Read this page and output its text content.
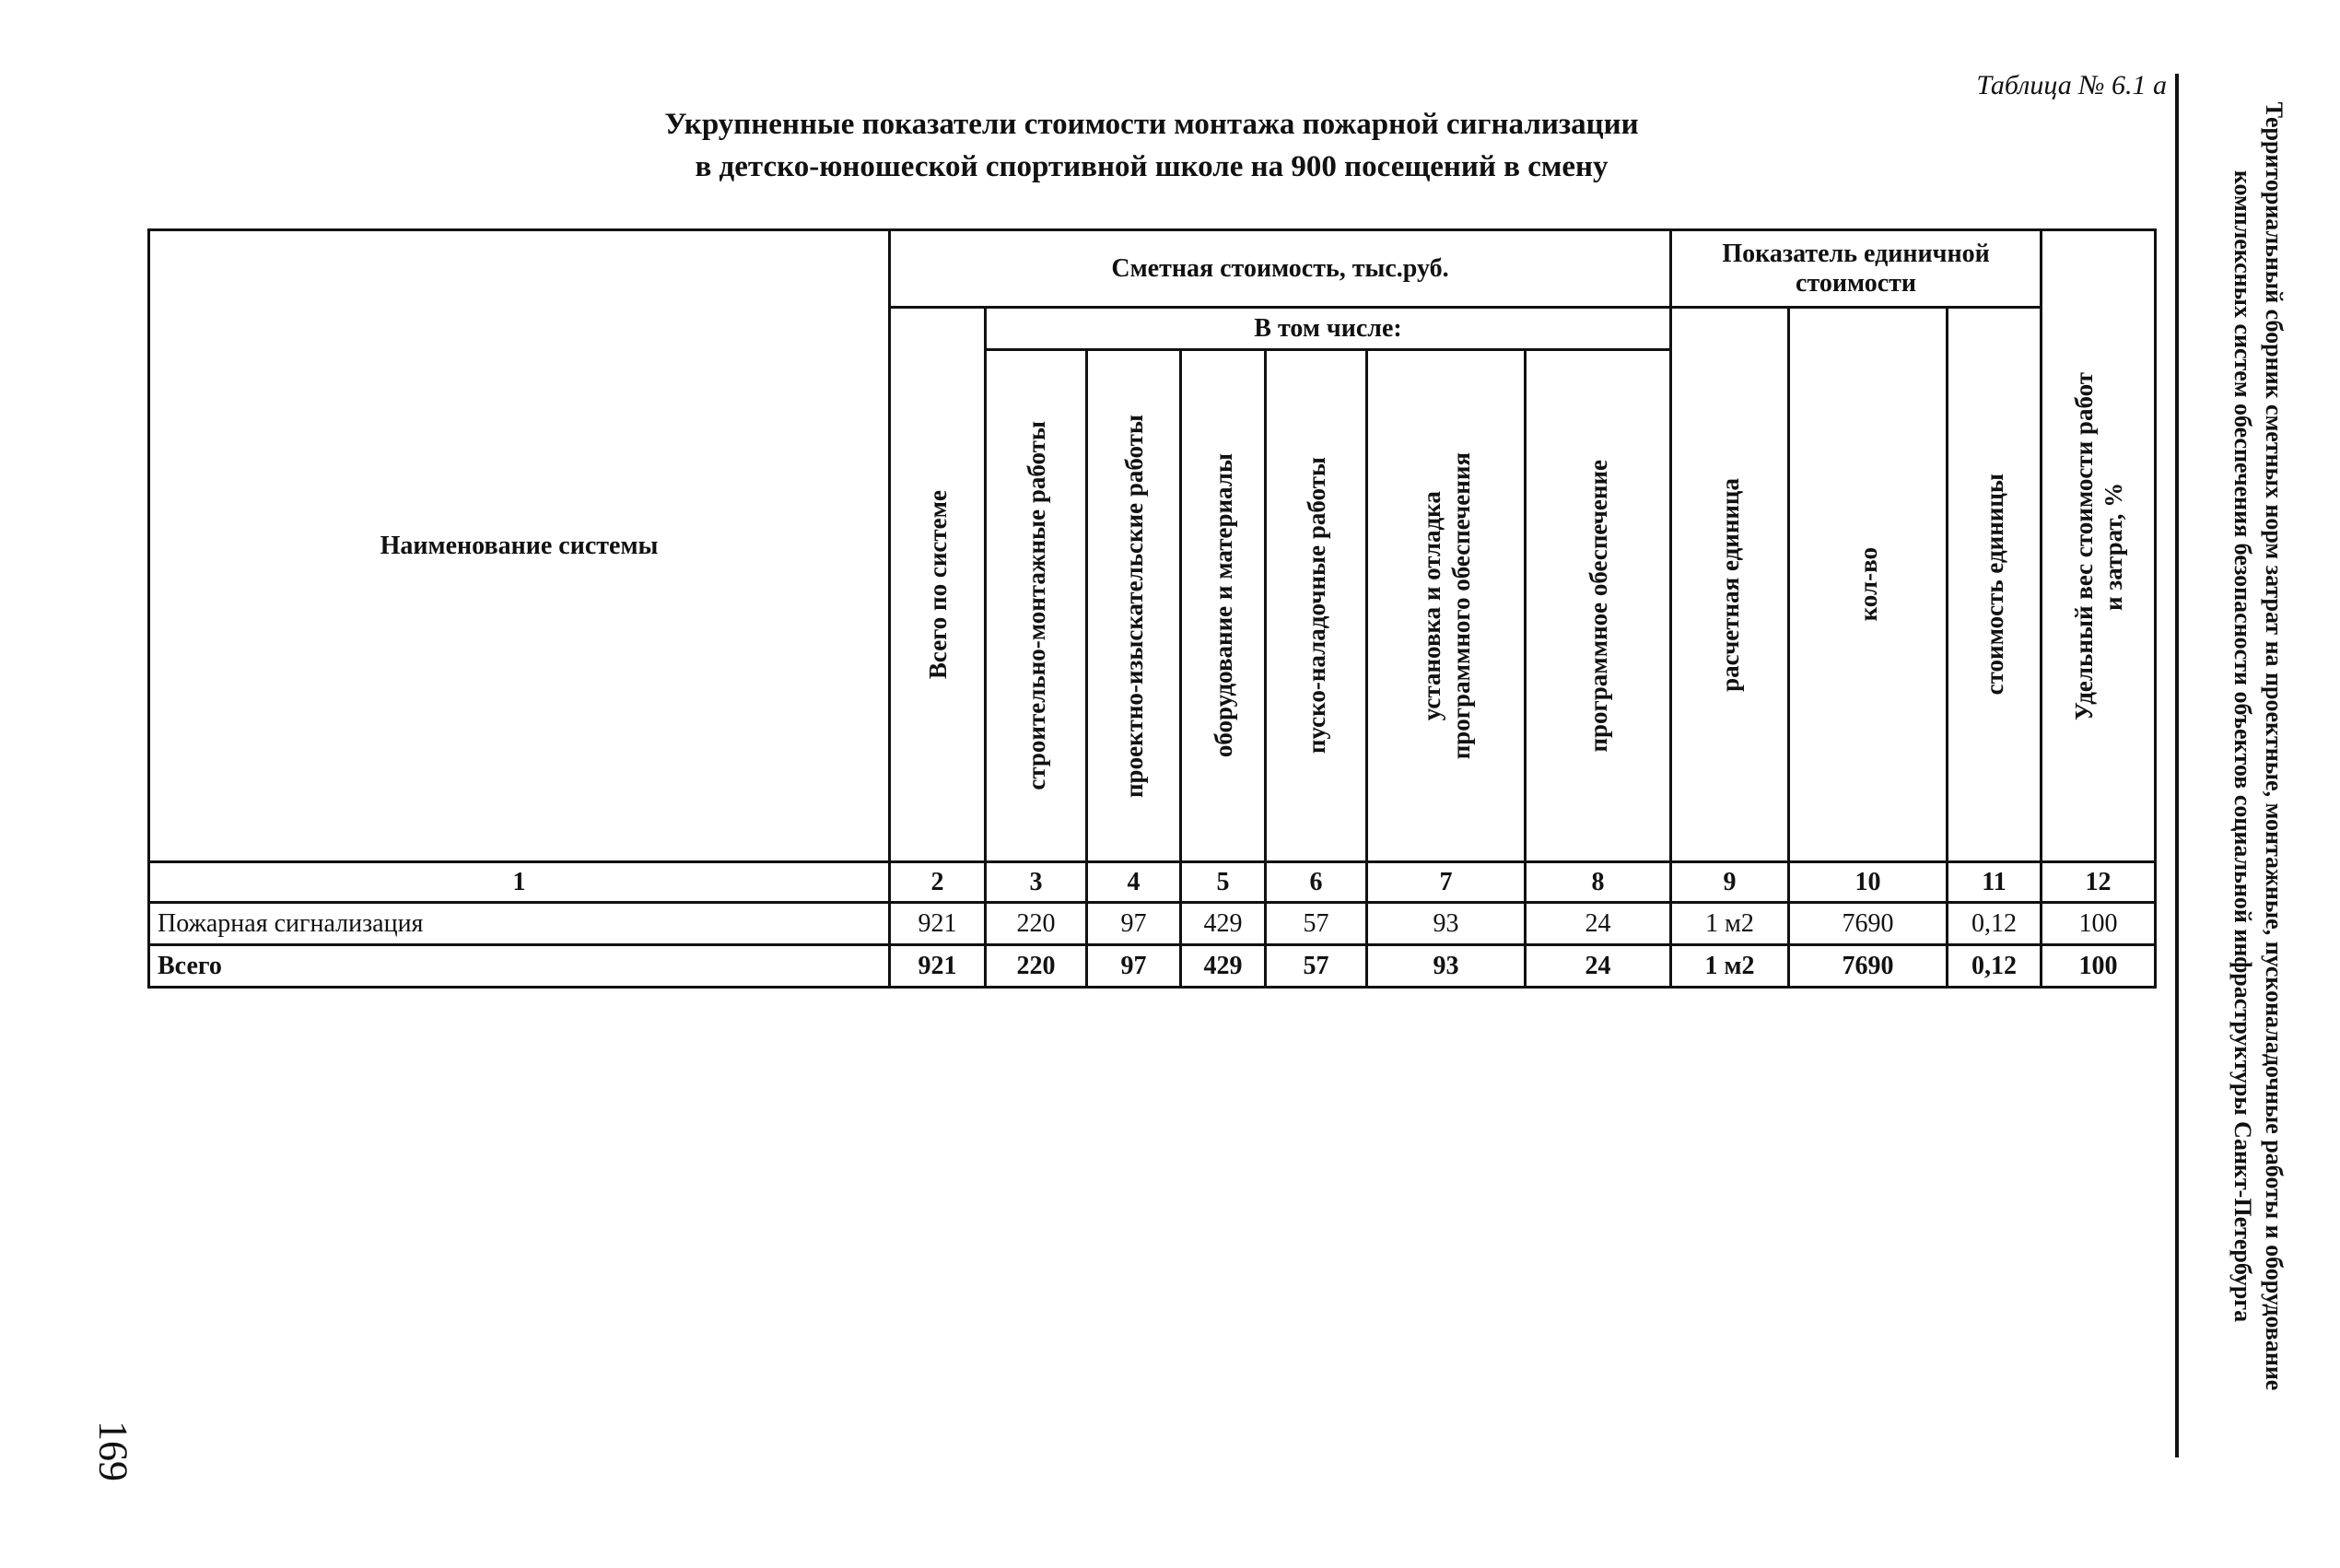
Таблица № 6.1 а
Укрупненные показатели стоимости монтажа пожарной сигнализации
в детско-юношеской спортивной школе на 900 посещений в смену	Территориальный сборник сметных норм затрат на проектные, монтажные, пусконаладочные работы и оборудование
комплексных систем обеспечения безопасности объектов социальной инфраструктуры Санкт-Петербурга
169
Наименование системы	Сметная стоимость, тыс.руб.							Показатель единичной стоимости			Удельный вес стоимости работ
и затрат, %

	Всего по системе	В том числе:						расчетная единица	кол-во	стоимость единицы	

		строительно-монтажные работы	проектно-изыскательские работы	оборудование и материалы	пуско-наладочные работы	установка и отладка
программного обеспечения	программное обеспечение				

1	2	3	4	5	6	7	8	9	10	11	12
Пожарная сигнализация	921	220	97	429	57	93	24	1 м2	7690	0,12	100
Всего	921	220	97	429	57	93	24	1 м2	7690	0,12	100
